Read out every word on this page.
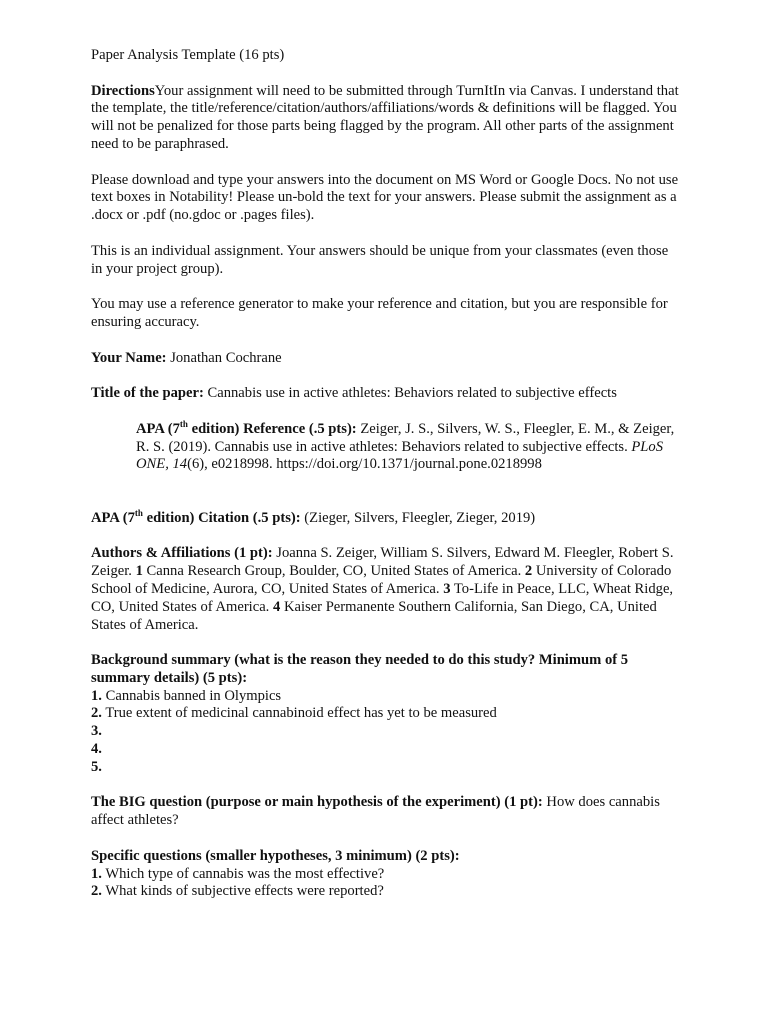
Paper Analysis Template (16 pts)

DirectionsYour assignment will need to be submitted through TurnItIn via Canvas. I understand that the template, the title/reference/citation/authors/affiliations/words & definitions will be flagged. You will not be penalized for those parts being flagged by the program. All other parts of the assignment need to be paraphrased.

Please download and type your answers into the document on MS Word or Google Docs. No not use text boxes in Notability! Please un-bold the text for your answers. Please submit the assignment as a .docx or .pdf (no.gdoc or .pages files).

This is an individual assignment. Your answers should be unique from your classmates (even those in your project group).

You may use a reference generator to make your reference and citation, but you are responsible for ensuring accuracy.

Your Name: Jonathan Cochrane

Title of the paper: Cannabis use in active athletes: Behaviors related to subjective effects

APA (7th edition) Reference (.5 pts): Zeiger, J. S., Silvers, W. S., Fleegler, E. M., & Zeiger, R. S. (2019). Cannabis use in active athletes: Behaviors related to subjective effects. PLoS ONE, 14(6), e0218998. https://doi.org/10.1371/journal.pone.0218998

APA (7th edition) Citation (.5 pts): (Zieger, Silvers, Fleegler, Zieger, 2019)

Authors & Affiliations (1 pt): Joanna S. Zeiger, William S. Silvers, Edward M. Fleegler, Robert S. Zeiger. 1 Canna Research Group, Boulder, CO, United States of America. 2 University of Colorado School of Medicine, Aurora, CO, United States of America. 3 To-Life in Peace, LLC, Wheat Ridge, CO, United States of America. 4 Kaiser Permanente Southern California, San Diego, CA, United States of America.

Background summary (what is the reason they needed to do this study? Minimum of 5 summary details) (5 pts):

1. Cannabis banned in Olympics

2. True extent of medicinal cannabinoid effect has yet to be measured

3.

4.

5.

The BIG question (purpose or main hypothesis of the experiment) (1 pt): How does cannabis affect athletes?

Specific questions (smaller hypotheses, 3 minimum) (2 pts):

1. Which type of cannabis was the most effective?

2. What kinds of subjective effects were reported?
